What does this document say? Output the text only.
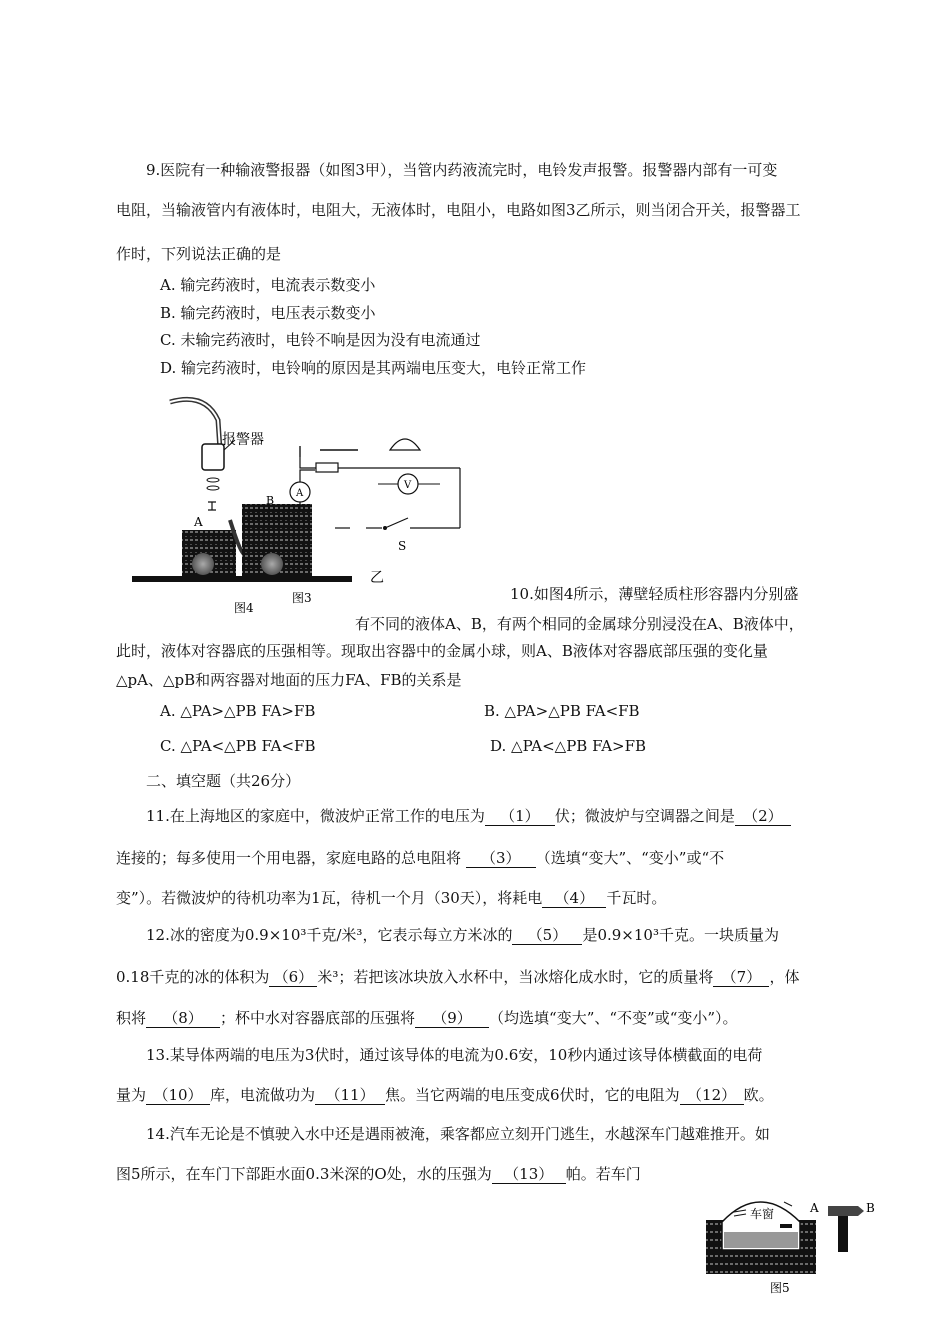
9.医院有一种输液警报器（如图3甲），当管内药液流完时，电铃发声报警。报警器内部有一可变
电阻，当输液管内有液体时，电阻大，无液体时，电阻小，电路如图3乙所示，则当闭合开关，报警器工
作时，下列说法正确的是
A. 输完药液时，电流表示数变小
B. 输完药液时，电压表示数变小
C. 未输完药液时，电铃不响是因为没有电流通过
D. 输完药液时，电铃响的原因是其两端电压变大，电铃正常工作
报警器
A
B
A
V
S
乙
图4
图3	10.如图4所示，薄壁轻质柱形容器内分别盛
有不同的液体A、B，有两个相同的金属球分别浸没在A、B液体中，
此时，液体对容器底的压强相等。现取出容器中的金属小球，则A、B液体对容器底部压强的变化量
△pA、△pB和两容器对地面的压力FA、FB的关系是
A. △PA>△PB FA>FB	B. △PA>△PB FA<FB
C. △PA<△PB FA<FB	D. △PA<△PB FA>FB
二、填空题（共26分）
11.在上海地区的家庭中，微波炉正常工作的电压为 （1） 伏；微波炉与空调器之间是 （2）
连接的；每多使用一个用电器，家庭电路的总电阻将 （3） （选填“变大”、“变小”或“不
变”）。若微波炉的待机功率为1瓦，待机一个月（30天），将耗电 （4） 千瓦时。
12.冰的密度为0.9×10³千克/米³，它表示每立方米冰的 （5） 是0.9×10³千克。一块质量为
0.18千克的冰的体积为 （6） 米³；若把该冰块放入水杯中，当冰熔化成水时，它的质量将 （7） ，体
积将 （8） ；杯中水对容器底部的压强将 （9） （均选填“变大”、“不变”或“变小”）。
13.某导体两端的电压为3伏时，通过该导体的电流为0.6安，10秒内通过该导体横截面的电荷
量为 （10） 库，电流做功为 （11） 焦。当它两端的电压变成6伏时，它的电阻为 （12） 欧。
14.汽车无论是不慎驶入水中还是遇雨被淹，乘客都应立刻开门逃生，水越深车门越难推开。如
图5所示，在车门下部距水面0.3米深的O处，水的压强为 （13） 帕。若车门
车窗	A	B
图5
